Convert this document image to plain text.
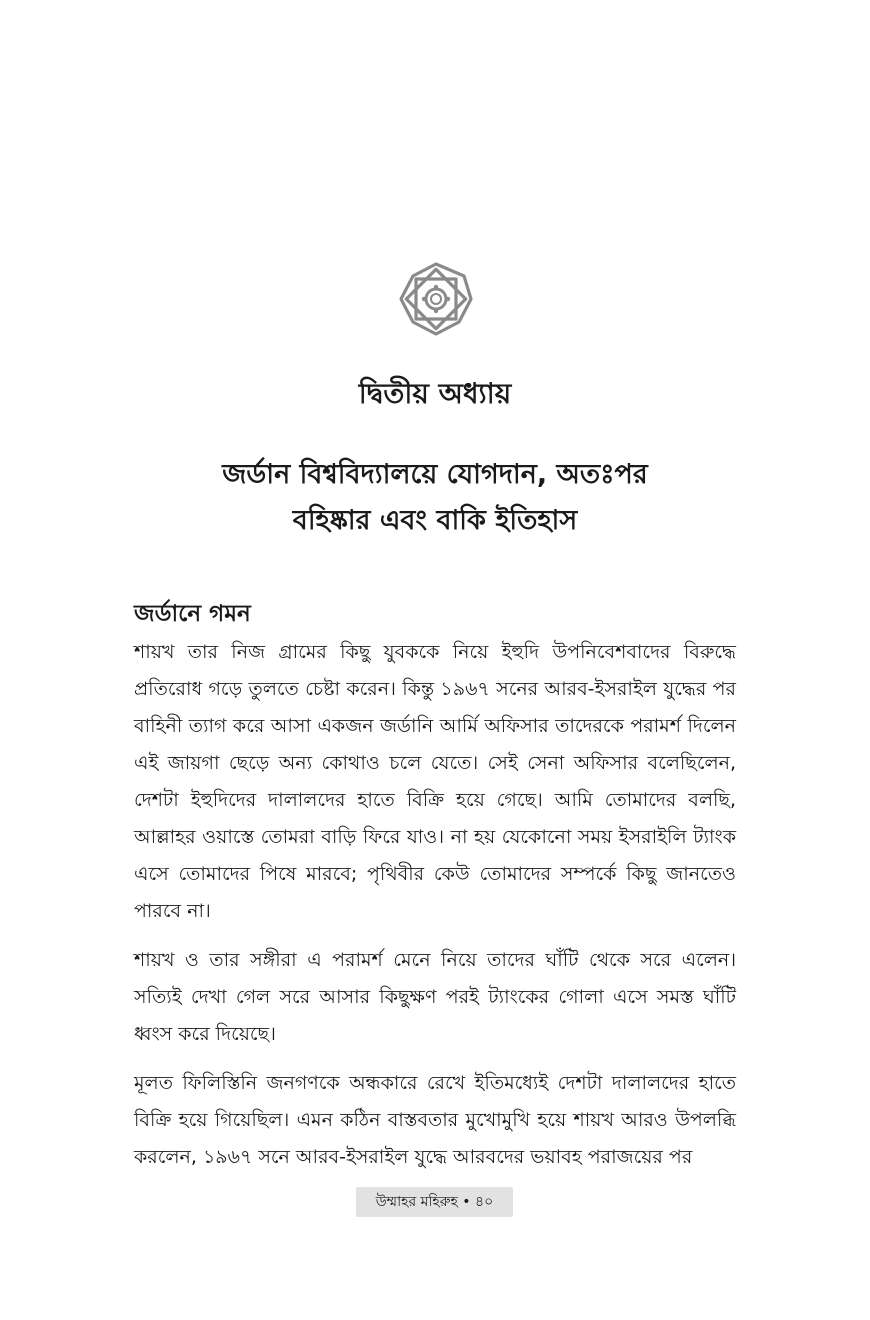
দ্বিতীয় অধ্যায়
জর্ডান বিশ্ববিদ্যালয়ে যোগদান, অতঃপর
বহিষ্কার এবং বাকি ইতিহাস
জর্ডানে গমন

শায়খ তার নিজ গ্রামের কিছু যুবককে নিয়ে ইহুদি উপনিবেশবাদের বিরুদ্ধে প্রতিরোধ গড়ে তুলতে চেষ্টা করেন। কিন্তু ১৯৬৭ সনের আরব-ইসরাইল যুদ্ধের পর বাহিনী ত্যাগ করে আসা একজন জর্ডানি আর্মি অফিসার তাদেরকে পরামর্শ দিলেন এই জায়গা ছেড়ে অন্য কোথাও চলে যেতে। সেই সেনা অফিসার বলেছিলেন, দেশটা ইহুদিদের দালালদের হাতে বিক্রি হয়ে গেছে। আমি তোমাদের বলছি, আল্লাহর ওয়াস্তে তোমরা বাড়ি ফিরে যাও। না হয় যেকোনো সময় ইসরাইলি ট্যাংক এসে তোমাদের পিষে মারবে; পৃথিবীর কেউ তোমাদের সম্পর্কে কিছু জানতেও পারবে না।

শায়খ ও তার সঙ্গীরা এ পরামর্শ মেনে নিয়ে তাদের ঘাঁটি থেকে সরে এলেন। সত্যিই দেখা গেল সরে আসার কিছুক্ষণ পরই ট্যাংকের গোলা এসে সমস্ত ঘাঁটি ধ্বংস করে দিয়েছে।

মূলত ফিলিস্তিনি জনগণকে অন্ধকারে রেখে ইতিমধ্যেই দেশটা দালালদের হাতে বিক্রি হয়ে গিয়েছিল। এমন কঠিন বাস্তবতার মুখোমুখি হয়ে শায়খ আরও উপলব্ধি করলেন, ১৯৬৭ সনে আরব-ইসরাইল যুদ্ধে আরবদের ভয়াবহ পরাজয়ের পর

উম্মাহর মহিরুহ • ৪০
